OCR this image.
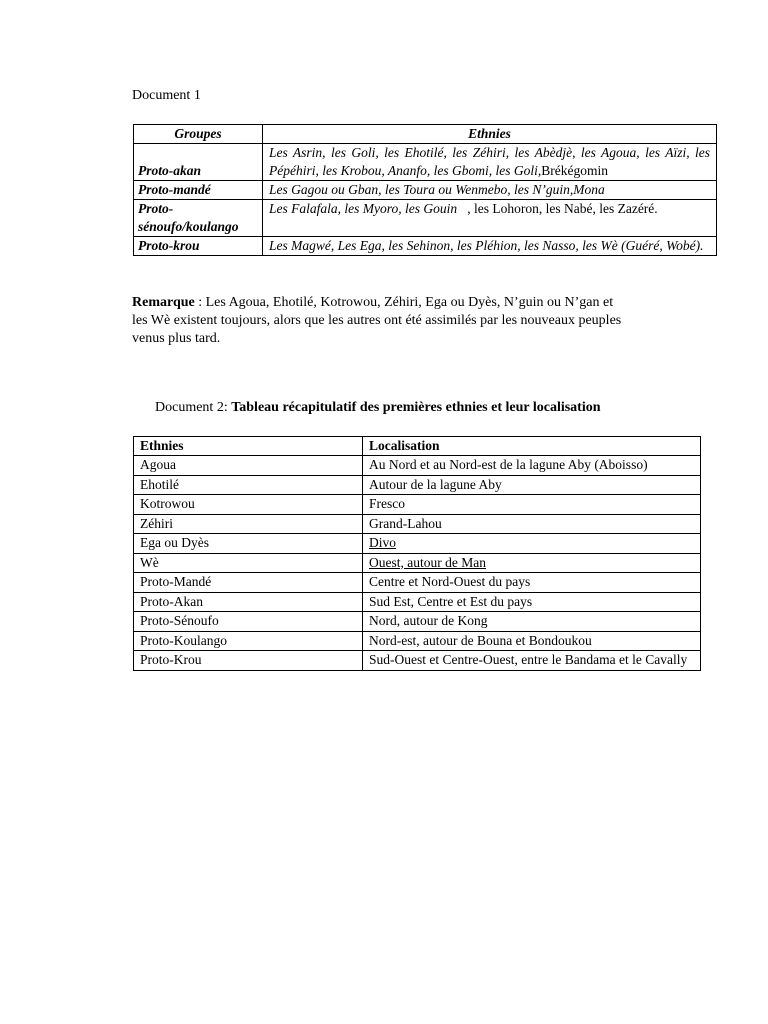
Document 1
Groupes	Ethnies
Proto-akan	Les Asrin, les Goli, les Ehotilé, les Zéhiri, les Abèdjè, les Agoua, les Aïzi, les Pépéhiri, les Krobou, Ananfo, les Gbomi, les Goli,Brékégomin
Proto-mandé	Les Gagou ou Gban, les Toura ou Wenmebo, les N’guin,Mona
Proto-sénoufo/koulango	Les Falafala, les Myoro, les Gouin   , les Lohoron, les Nabé, les Zazéré.
Proto-krou	Les Magwé, Les Ega, les Sehinon, les Pléhion, les Nasso, les Wè (Guéré, Wobé).
Remarque : Les Agoua, Ehotilé, Kotrowou, Zéhiri, Ega ou Dyès, N’guin ou N’gan et les Wè existent toujours, alors que les autres ont été assimilés par les nouveaux peuples venus plus tard.
Document 2: Tableau récapitulatif des premières ethnies et leur localisation
Ethnies	Localisation
Agoua	Au Nord et au Nord-est de la lagune Aby (Aboisso)
Ehotilé	Autour de la lagune Aby
Kotrowou	Fresco
Zéhiri	Grand-Lahou
Ega ou Dyès	Divo
Wè	Ouest, autour de Man
Proto-Mandé	Centre et Nord-Ouest du pays
Proto-Akan	Sud Est, Centre et Est du pays
Proto-Sénoufo	Nord, autour de Kong
Proto-Koulango	Nord-est, autour de Bouna et Bondoukou
Proto-Krou	Sud-Ouest et Centre-Ouest, entre le Bandama et le Cavally
